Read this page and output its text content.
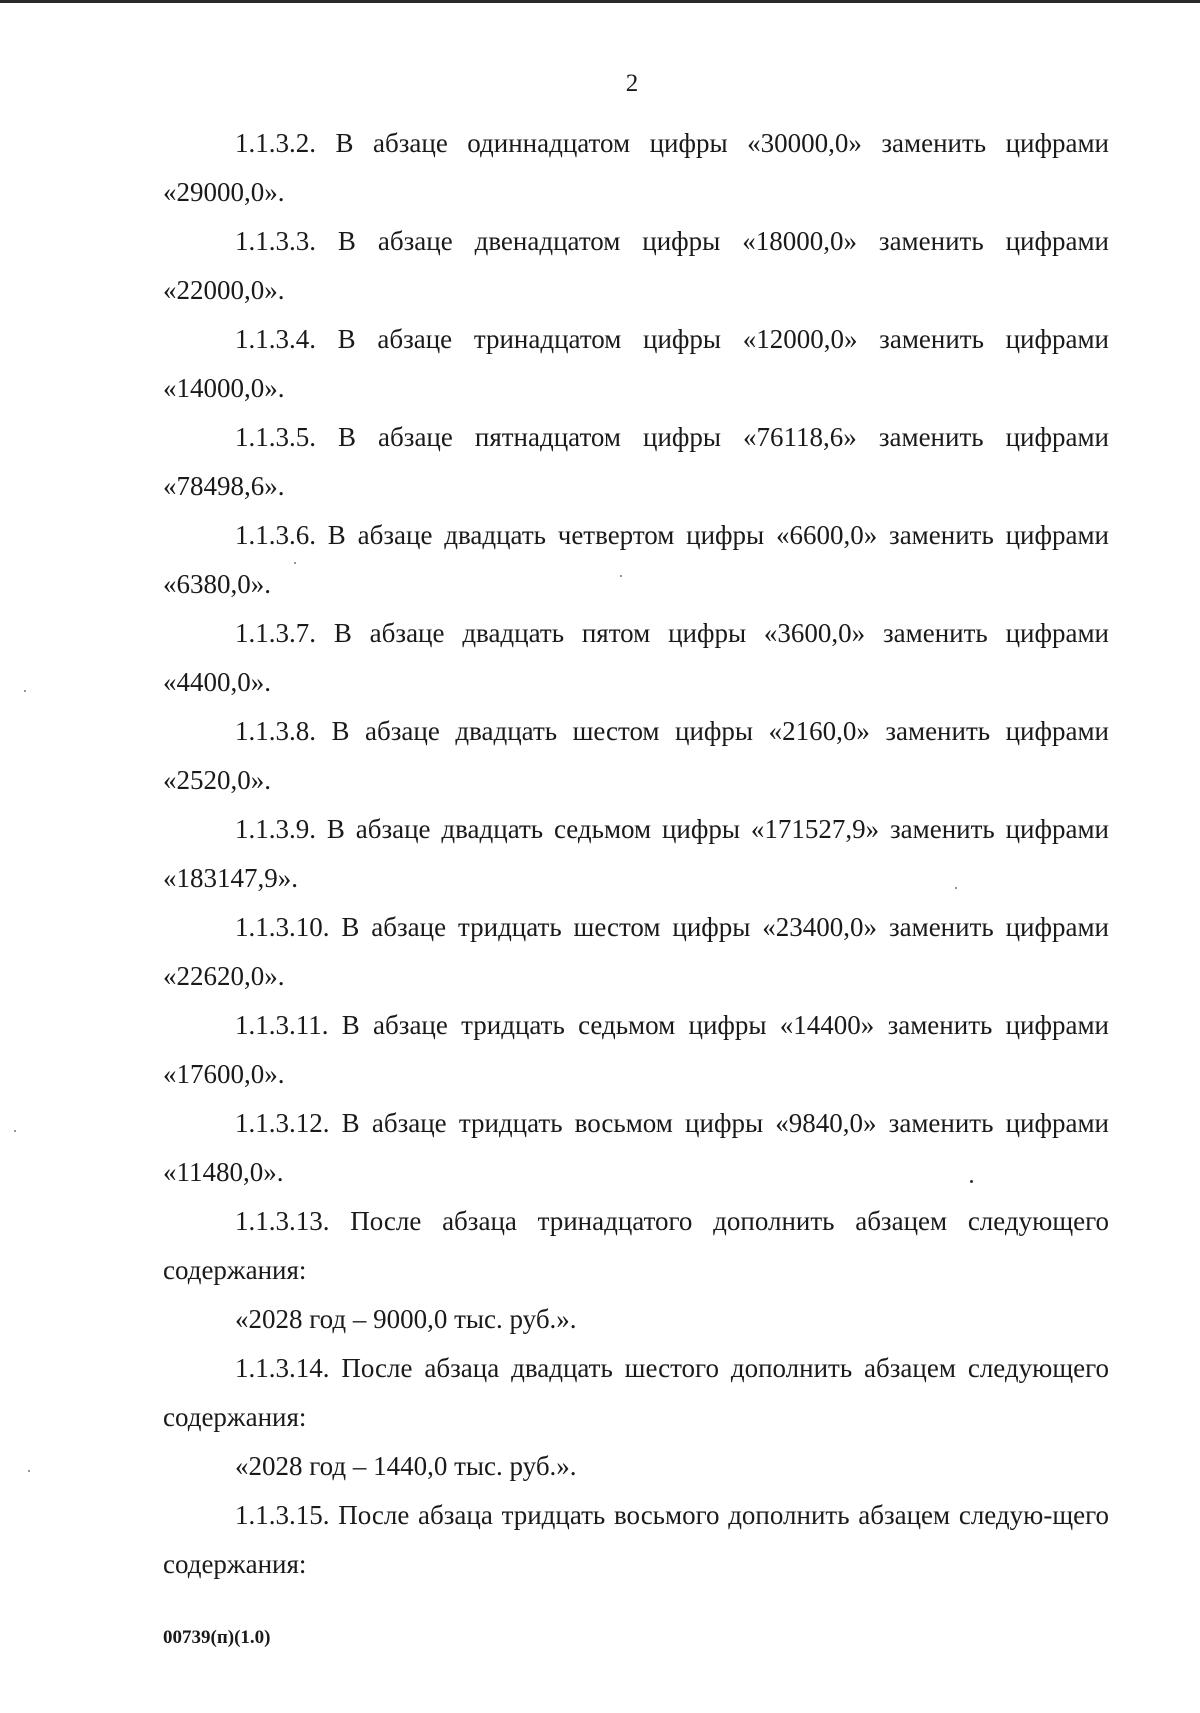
2

1.1.3.2. В абзаце одиннадцатом цифры «30000,0» заменить цифрами «29000,0».

1.1.3.3. В абзаце двенадцатом цифры «18000,0» заменить цифрами «22000,0».

1.1.3.4. В абзаце тринадцатом цифры «12000,0» заменить цифрами «14000,0».

1.1.3.5. В абзаце пятнадцатом цифры «76118,6» заменить цифрами «78498,6».

1.1.3.6. В абзаце двадцать четвертом цифры «6600,0» заменить цифрами «6380,0».

1.1.3.7. В абзаце двадцать пятом цифры «3600,0» заменить цифрами «4400,0».

1.1.3.8. В абзаце двадцать шестом цифры «2160,0» заменить цифрами «2520,0».

1.1.3.9. В абзаце двадцать седьмом цифры «171527,9» заменить цифрами «183147,9».

1.1.3.10. В абзаце тридцать шестом цифры «23400,0» заменить цифрами «22620,0».

1.1.3.11. В абзаце тридцать седьмом цифры «14400» заменить цифрами «17600,0».

1.1.3.12. В абзаце тридцать восьмом цифры «9840,0» заменить цифрами «11480,0».

1.1.3.13. После абзаца тринадцатого дополнить абзацем следующего содержания:

«2028 год – 9000,0 тыс. руб.».

1.1.3.14. После абзаца двадцать шестого дополнить абзацем следующего содержания:

«2028 год – 1440,0 тыс. руб.».

1.1.3.15. После абзаца тридцать восьмого дополнить абзацем следую-щего содержания:

00739(п)(1.0)
